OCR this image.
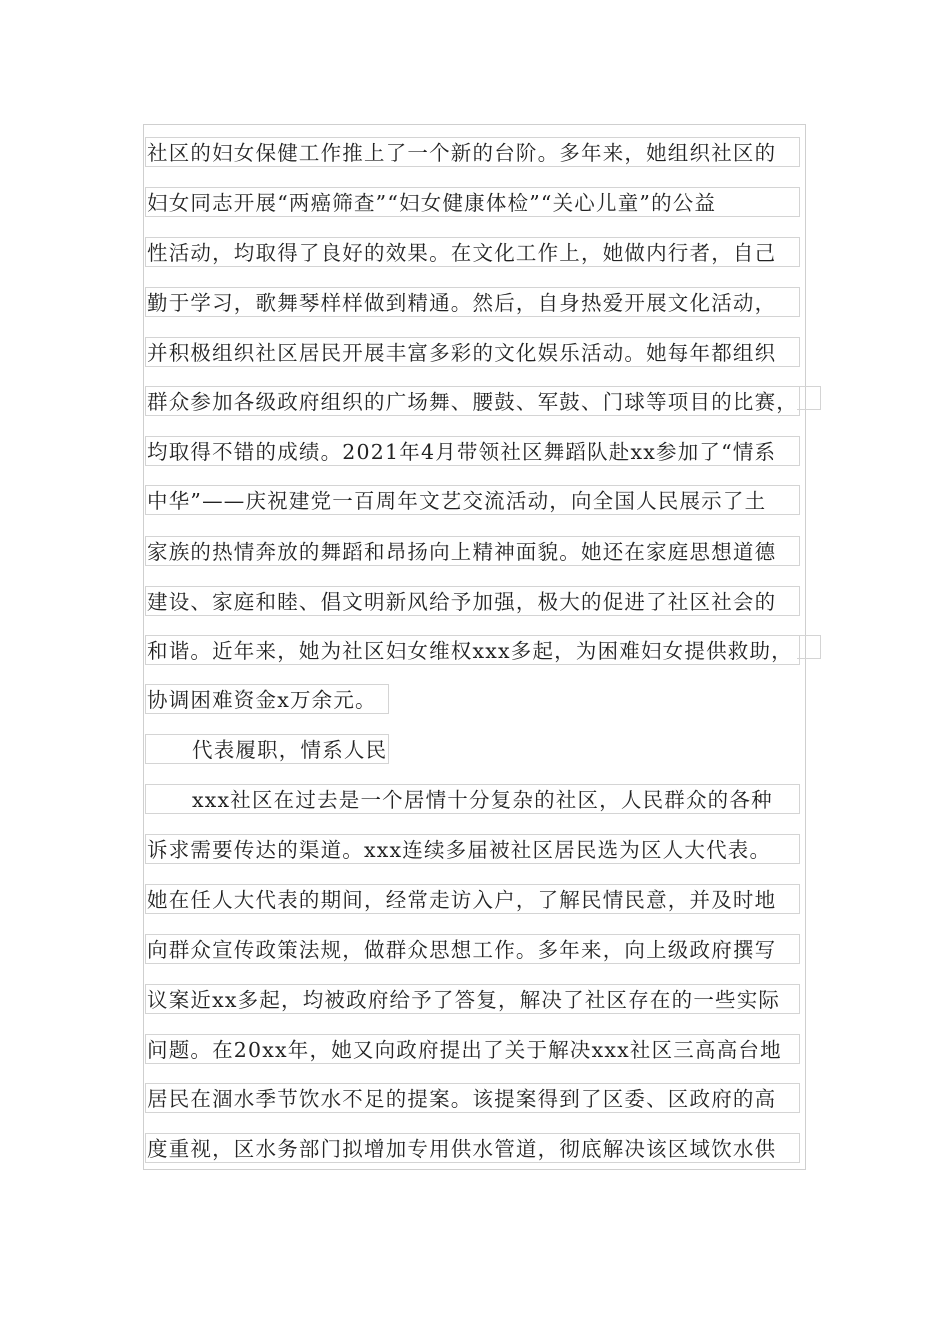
社区的妇女保健工作推上了一个新的台阶。多年来，她组织社区的
妇女同志开展“两癌筛查”“妇女健康体检”“关心儿童”的公益
性活动，均取得了良好的效果。在文化工作上，她做内行者，自己
勤于学习，歌舞琴样样做到精通。然后，自身热爱开展文化活动，
并积极组织社区居民开展丰富多彩的文化娱乐活动。她每年都组织
群众参加各级政府组织的广场舞、腰鼓、军鼓、门球等项目的比赛，
均取得不错的成绩。2021年4月带领社区舞蹈队赴xx参加了“情系
中华”——庆祝建党一百周年文艺交流活动，向全国人民展示了土
家族的热情奔放的舞蹈和昂扬向上精神面貌。她还在家庭思想道德
建设、家庭和睦、倡文明新风给予加强，极大的促进了社区社会的
和谐。近年来，她为社区妇女维权xxx多起，为困难妇女提供救助，
协调困难资金x万余元。
代表履职，情系人民
xxx社区在过去是一个居情十分复杂的社区，人民群众的各种
诉求需要传达的渠道。xxx连续多届被社区居民选为区人大代表。
她在任人大代表的期间，经常走访入户，了解民情民意，并及时地
向群众宣传政策法规，做群众思想工作。多年来，向上级政府撰写
议案近xx多起，均被政府给予了答复，解决了社区存在的一些实际
问题。在20xx年，她又向政府提出了关于解决xxx社区三高高台地
居民在涸水季节饮水不足的提案。该提案得到了区委、区政府的高
度重视，区水务部门拟增加专用供水管道，彻底解决该区域饮水供
